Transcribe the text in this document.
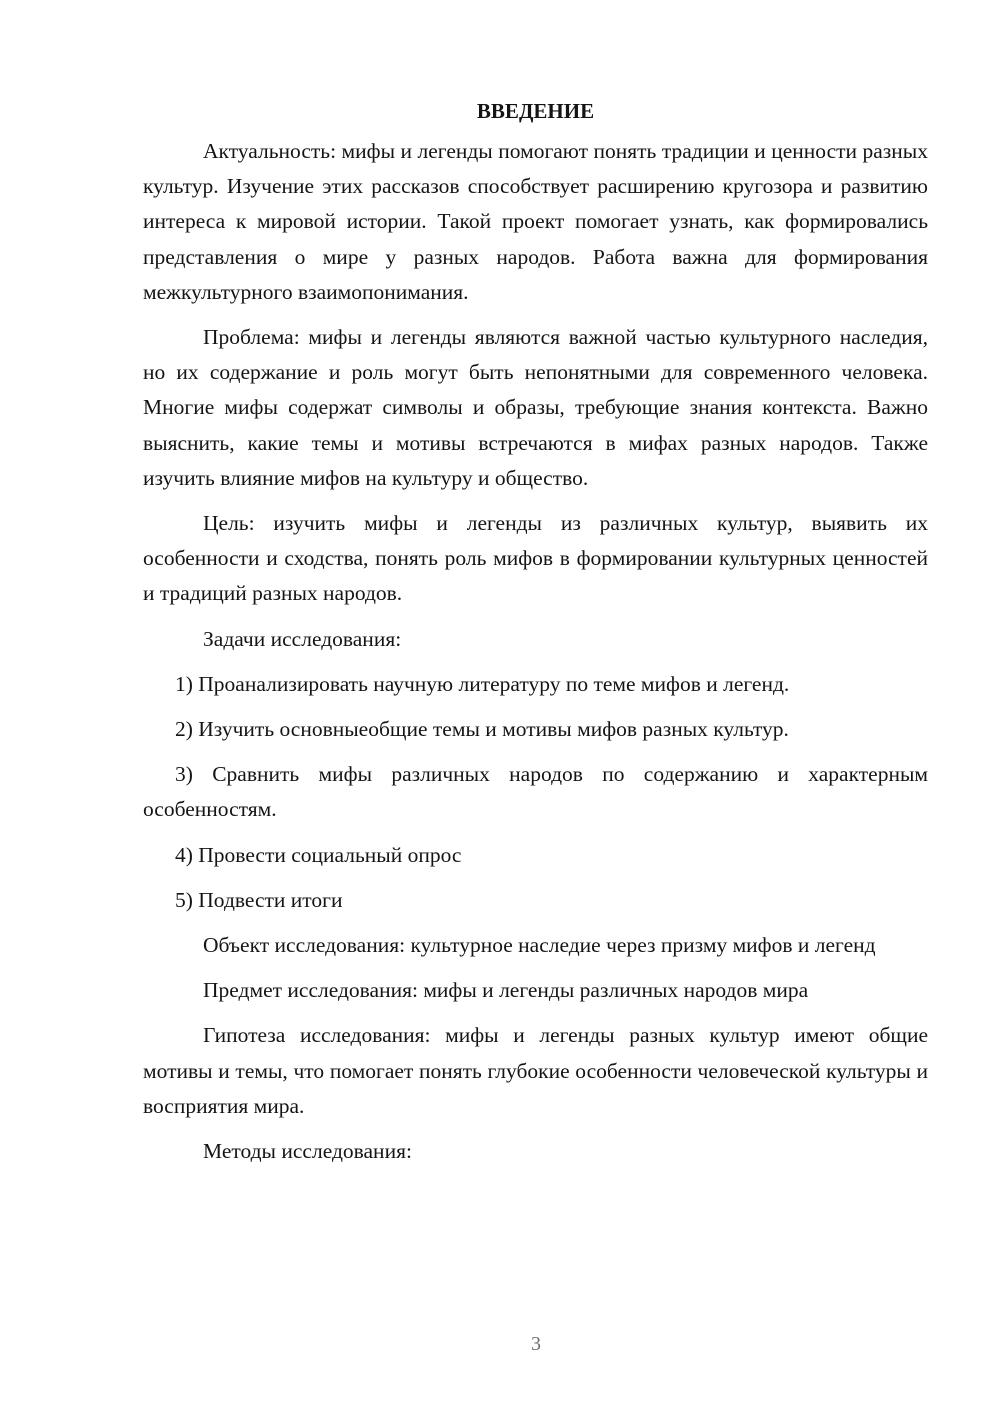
ВВЕДЕНИЕ

Актуальность: мифы и легенды помогают понять традиции и ценности разных культур. Изучение этих рассказов способствует расширению кругозора и развитию интереса к мировой истории. Такой проект помогает узнать, как формировались представления о мире у разных народов. Работа важна для формирования межкультурного взаимопонимания.

Проблема: мифы и легенды являются важной частью культурного наследия, но их содержание и роль могут быть непонятными для современного человека. Многие мифы содержат символы и образы, требующие знания контекста. Важно выяснить, какие темы и мотивы встречаются в мифах разных народов. Также изучить влияние мифов на культуру и общество.

Цель: изучить мифы и легенды из различных культур, выявить их особенности и сходства, понять роль мифов в формировании культурных ценностей и традиций разных народов.

Задачи исследования:

1) Проанализировать научную литературу по теме мифов и легенд.

2) Изучить основныеобщие темы и мотивы мифов разных культур.

3) Сравнить мифы различных народов по содержанию и характерным особенностям.

4) Провести социальный опрос

5) Подвести итоги

Объект исследования: культурное наследие через призму мифов и легенд

Предмет исследования: мифы и легенды различных народов мира

Гипотеза исследования: мифы и легенды разных культур имеют общие мотивы и темы, что помогает понять глубокие особенности человеческой культуры и восприятия мира.

Методы исследования:

3
